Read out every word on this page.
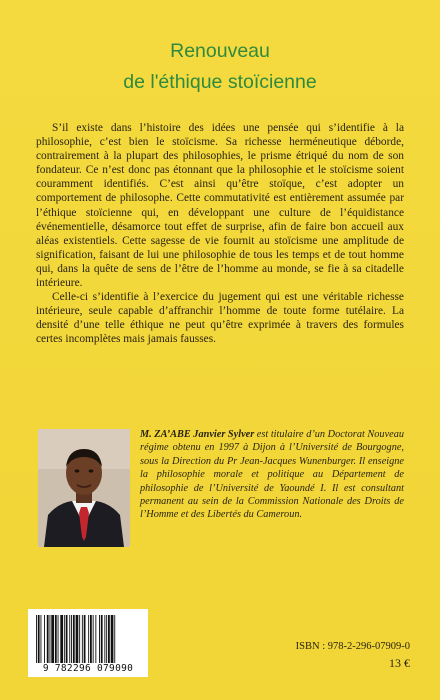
Renouveau
de l'éthique stoïcienne

S’il existe dans l’histoire des idées une pensée qui s’identifie à la philosophie, c’est bien le stoïcisme. Sa richesse herméneutique déborde, contrairement à la plupart des philosophies, le prisme étriqué du nom de son fondateur. Ce n’est donc pas étonnant que la philosophie et le stoïcisme soient couramment identifiés. C’est ainsi qu’être stoïque, c’est adopter un comportement de philosophe. Cette commutativité est entièrement assumée par l’éthique stoïcienne qui, en développant une culture de l’équidistance événementielle, désamorce tout effet de surprise, afin de faire bon accueil aux aléas existentiels. Cette sagesse de vie fournit au stoïcisme une amplitude de signification, faisant de lui une philosophie de tous les temps et de tout homme qui, dans la quête de sens de l’être de l’homme au monde, se fie à sa citadelle intérieure.

Celle-ci s’identifie à l’exercice du jugement qui est une véritable richesse intérieure, seule capable d’affranchir l’homme de toute forme tutélaire. La densité d’une telle éthique ne peut qu’être exprimée à travers des formules certes incomplètes mais jamais fausses.

M. ZA’ABE Janvier Sylver est titulaire d’un Doctorat Nouveau régime obtenu en 1997 à Dijon à l’Université de Bourgogne, sous la Direction du Pr Jean-Jacques Wunenburger. Il enseigne la philosophie morale et politique au Département de philosophie de l’Université de Yaoundé I. Il est consultant permanent au sein de la Commission Nationale des Droits de l’Homme et des Libertés du Cameroun.
9 782296 079090
ISBN : 978-2-296-07909-0
13 €
